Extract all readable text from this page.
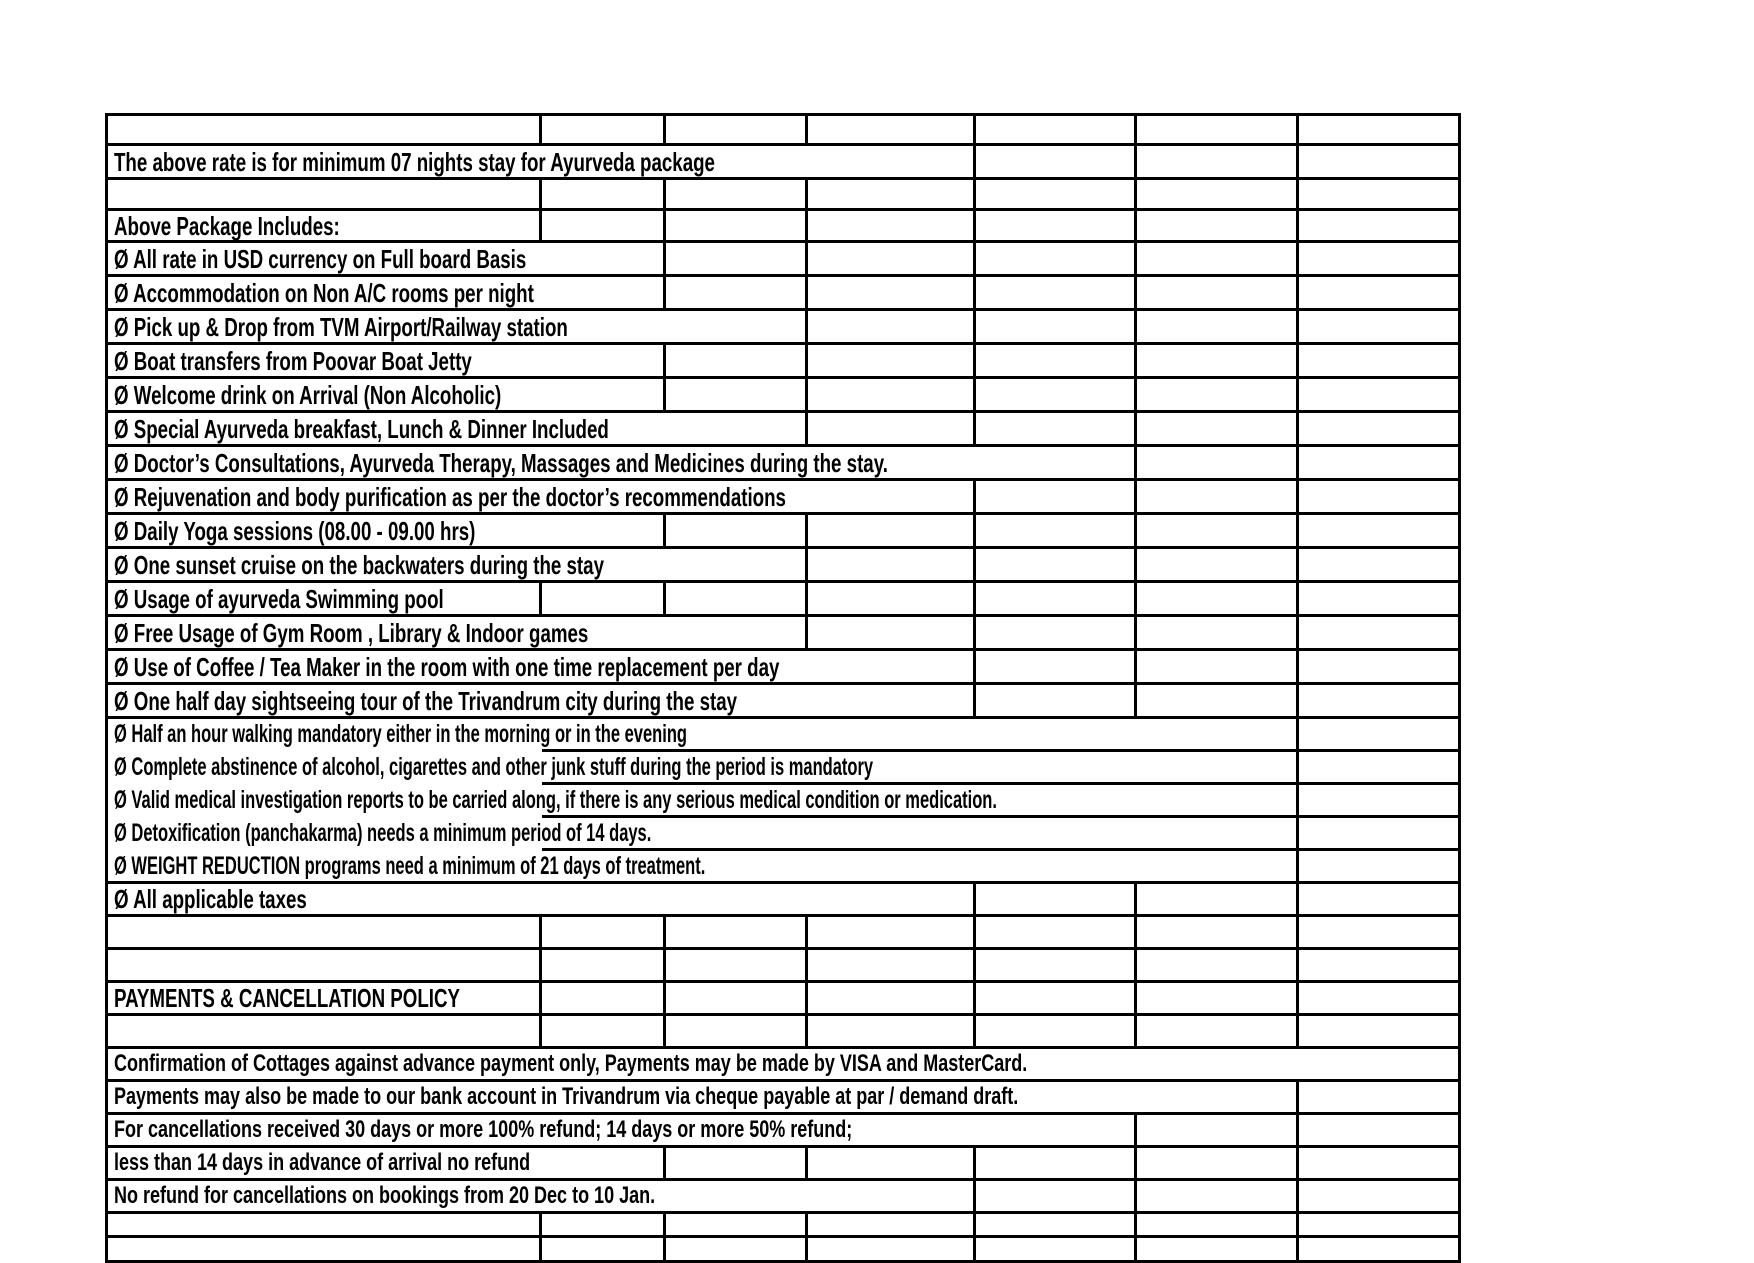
The above rate is for minimum 07 nights stay for Ayurveda package
Above Package Includes:
Ø All rate in USD currency on Full board Basis
Ø Accommodation on Non A/C rooms per night
Ø Pick up & Drop from TVM Airport/Railway station
Ø Boat transfers from Poovar Boat Jetty
Ø Welcome drink on Arrival (Non Alcoholic)
Ø Special Ayurveda breakfast, Lunch & Dinner Included
Ø Doctor’s Consultations, Ayurveda Therapy, Massages and Medicines during the stay.
Ø Rejuvenation and body purification as per the doctor’s recommendations
Ø Daily Yoga sessions (08.00 - 09.00 hrs)
Ø One sunset cruise on the backwaters during the stay
Ø Usage of ayurveda Swimming pool
Ø Free Usage of Gym Room , Library & Indoor games
Ø Use of Coffee / Tea Maker in the room with one time replacement per day
Ø One half day sightseeing tour of the Trivandrum city during the stay
Ø Half an hour walking mandatory either in the morning or in the evening
Ø Complete abstinence of alcohol, cigarettes and other junk stuff during the period is mandatory
Ø Valid medical investigation reports to be carried along, if there is any serious medical condition or medication.
Ø Detoxification (panchakarma) needs a minimum period of 14 days.
Ø WEIGHT REDUCTION programs need a minimum of 21 days of treatment.
Ø All applicable taxes
PAYMENTS & CANCELLATION POLICY
Confirmation of Cottages against advance payment only, Payments may be made by VISA and MasterCard.
Payments may also be made to our bank account in Trivandrum via cheque payable at par / demand draft.
For cancellations received 30 days or more 100% refund; 14 days or more 50% refund;
less than 14 days in advance of arrival no refund
No refund for cancellations on bookings from 20 Dec to 10 Jan.
